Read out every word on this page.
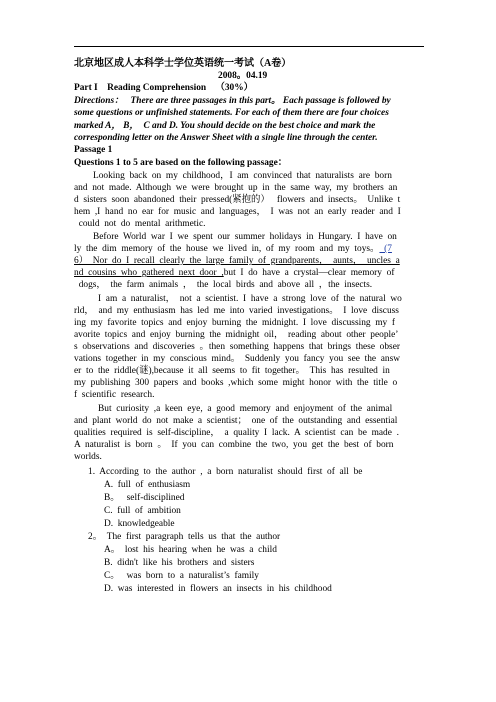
北京地区成人本科学士学位英语统一考试（A卷）
2008。04.19
Part I    Reading Comprehension    （30%）
Directions：   There are three passages in this part。 Each passage is followed by
some questions or unfinished statements. For each of them there are four choices
marked A， B，  C and D. You should decide on the best choice and mark the
corresponding letter on the Answer Sheet with a single line through the center.
Passage 1
Questions 1 to 5 are based on the following passage：
Looking  back  on  my  childhood，I  am  convinced  that  naturalists  are  born
and  not  made.  Although  we  were  brought  up  in  the  same  way,  my  brothers  an
d  sisters  soon  abandoned  their  pressed(紧抱的）   flowers  and  insects。  Unlike  t
hem  ,I  hand  no  ear  for  music  and  languages，  I  was  not  an  early  reader  and  I
could  not  do  mental  arithmetic.
Before  World  war  I  we  spent  our  summer  holidays  in  Hungary.  I  have  on
ly  the  dim  memory  of  the  house  we  lived  in,  of  my  room  and  my  toys。  (7
6）  Nor  do  I  recall  clearly  the  large  family  of  grandparents，  aunts，  uncles  a
nd  cousins  who  gathered  next  door  ,but  I  do  have  a  crystal—clear  memory  of
dogs，  the  farm  animals  ，  the  local  birds  and  above  all  ，the  insects.
I  am  a  naturalist，  not  a  scientist.  I  have  a  strong  love  of  the  natural  wo
rld，  and  my  enthusiasm  has  led  me  into  varied  investigations。  I  love  discuss
ing  my  favorite  topics  and  enjoy  burning  the  midnight.  I  love  discussing  my  f
avorite  topics  and  enjoy  burning  the  midnight  oil，  reading  about  other  people’
s  observations  and  discoveries  。then  something  happens  that  brings  these  obser
vations  together  in  my  conscious  mind。  Suddenly  you  fancy  you  see  the  answ
er  to  the  riddle(谜),because  it  all  seems  to  fit  together。  This  has  resulted  in
my  publishing  300  papers  and  books  ,which  some  might  honor  with  the  title  o
f  scientific  research.
But  curiosity  ,a  keen  eye,  a  good  memory  and  enjoyment  of  the  animal
and  plant  world  do  not  make  a  scientist；  one  of  the  outstanding  and  essential
qualities  required  is  self-discipline，  a  quality  I  lack.  A  scientist  can  be  made  .
A  naturalist  is  born  。  If  you  can  combine  the  two,  you  get  the  best  of  born
worlds.
1.  According  to  the  author  ,  a  born  naturalist  should  first  of  all  be
A.  full  of  enthusiasm
B。   self-disciplined
C.  full  of  ambition
D.  knowledgeable
2。  The  first  paragraph  tells  us  that  the  author
A。  lost  his  hearing  when  he  was  a  child
B.  didn't  like  his  brothers  and  sisters
C。   was  born  to  a  naturalist’s  family
D.  was  interested  in  flowers  an  insects  in  his  childhood
